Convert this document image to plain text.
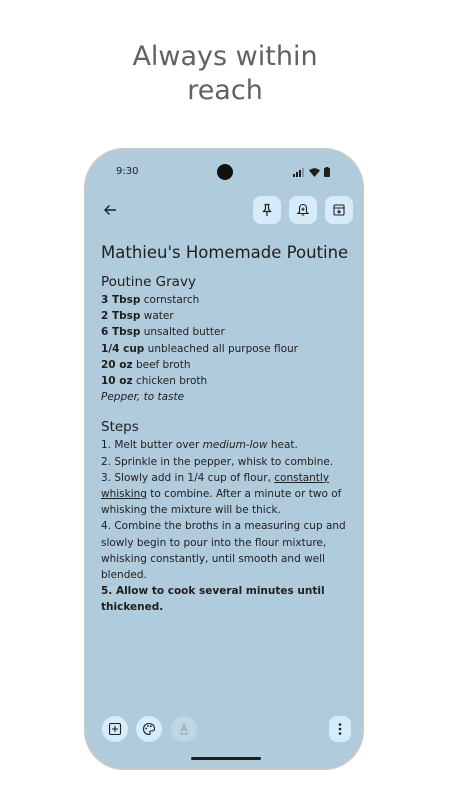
Always within
reach
9:30
Mathieu's Homemade Poutine
Poutine Gravy
3 Tbsp cornstarch
2 Tbsp water
6 Tbsp unsalted butter
1/4 cup unbleached all purpose flour
20 oz beef broth
10 oz chicken broth
Pepper, to taste
Steps
1. Melt butter over medium-low heat.
2. Sprinkle in the pepper, whisk to combine.
3. Slowly add in 1/4 cup of flour, constantly whisking to combine. After a minute or two of whisking the mixture will be thick.
4. Combine the broths in a measuring cup and slowly begin to pour into the flour mixture, whisking constantly, until smooth and well blended.
5. Allow to cook several minutes until thickened.
